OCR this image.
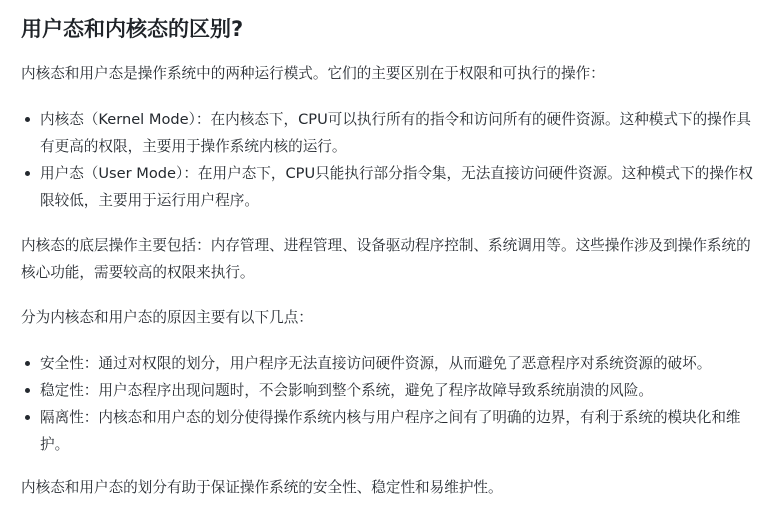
用户态和内核态的区别?

内核态和用户态是操作系统中的两种运行模式。它们的主要区别在于权限和可执行的操作：

内核态（Kernel Mode）：在内核态下，CPU可以执行所有的指令和访问所有的硬件资源。这种模式下的操作具有更高的权限，主要用于操作系统内核的运行。
用户态（User Mode）：在用户态下，CPU只能执行部分指令集，无法直接访问硬件资源。这种模式下的操作权限较低，主要用于运行用户程序。

内核态的底层操作主要包括：内存管理、进程管理、设备驱动程序控制、系统调用等。这些操作涉及到操作系统的核心功能，需要较高的权限来执行。

分为内核态和用户态的原因主要有以下几点：

安全性：通过对权限的划分，用户程序无法直接访问硬件资源，从而避免了恶意程序对系统资源的破坏。
稳定性：用户态程序出现问题时，不会影响到整个系统，避免了程序故障导致系统崩溃的风险。
隔离性：内核态和用户态的划分使得操作系统内核与用户程序之间有了明确的边界，有利于系统的模块化和维护。

内核态和用户态的划分有助于保证操作系统的安全性、稳定性和易维护性。
